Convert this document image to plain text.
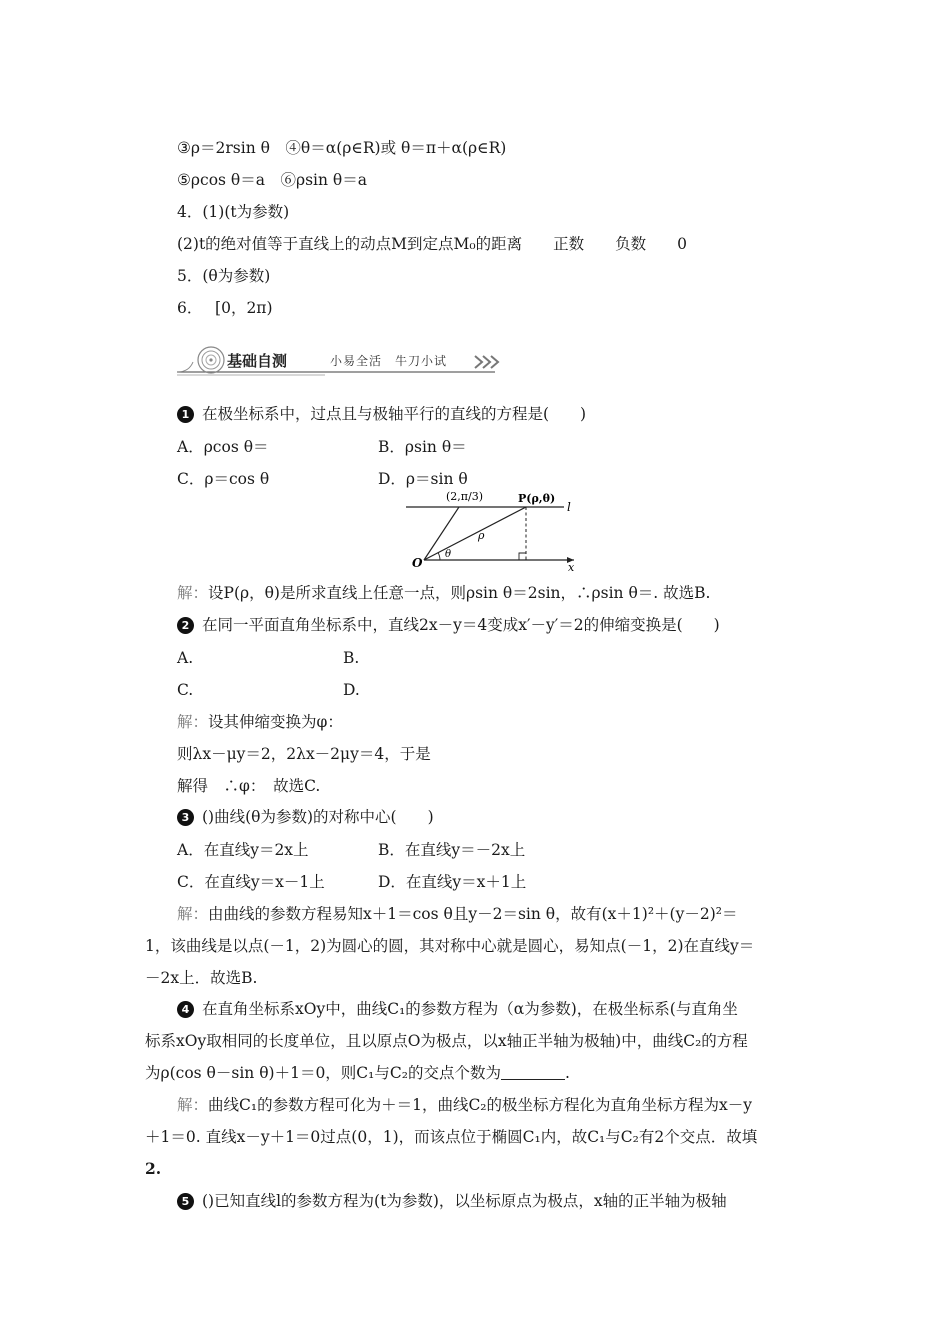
③ρ＝2rsin θ　④θ＝α(ρ∈R)或 θ＝π＋α(ρ∈R)
⑤ρcos θ＝a　⑥ρsin θ＝a
4．(1)(t为参数)
(2)t的绝对值等于直线上的动点M到定点M₀的距离　　正数　　负数　　0
5．(θ为参数)
6．　 [0，2π)
基础自测	小易全活　牛刀小试
1 在极坐标系中，过点且与极轴平行的直线的方程是(　　)
A．ρcos θ＝	B．ρsin θ＝
C．ρ＝cos θ	D．ρ＝sin θ
(2,π/3)	P(ρ,θ)
l
ρ
θ
O	x
解：设P(ρ，θ)是所求直线上任意一点，则ρsin θ＝2sin，∴ρsin θ＝. 故选B.
2 在同一平面直角坐标系中，直线2x－y＝4变成x′－y′＝2的伸缩变换是(　　)
A.	B.
C.	D.
解：设其伸缩变换为φ：
则λx－μy＝2，2λx－2μy＝4，于是
解得　∴φ：　故选C.
3 ()曲线(θ为参数)的对称中心(　　)
A．在直线y＝2x上	B．在直线y＝－2x上
C．在直线y＝x－1上	D．在直线y＝x＋1上
解：由曲线的参数方程易知x＋1＝cos θ且y－2＝sin θ，故有(x＋1)²＋(y－2)²＝
1，该曲线是以点(－1，2)为圆心的圆，其对称中心就是圆心，易知点(－1，2)在直线y＝
－2x上．故选B.
4 在直角坐标系xOy中，曲线C₁的参数方程为（α为参数)，在极坐标系(与直角坐
标系xOy取相同的长度单位，且以原点O为极点，以x轴正半轴为极轴)中，曲线C₂的方程
为ρ(cos θ－sin θ)＋1＝0，则C₁与C₂的交点个数为	.
解：曲线C₁的参数方程可化为＋＝1，曲线C₂的极坐标方程化为直角坐标方程为x－y
＋1＝0. 直线x－y＋1＝0过点(0，1)，而该点位于椭圆C₁内，故C₁与C₂有2个交点．故填
2.
5 ()已知直线l的参数方程为(t为参数)，以坐标原点为极点，x轴的正半轴为极轴
